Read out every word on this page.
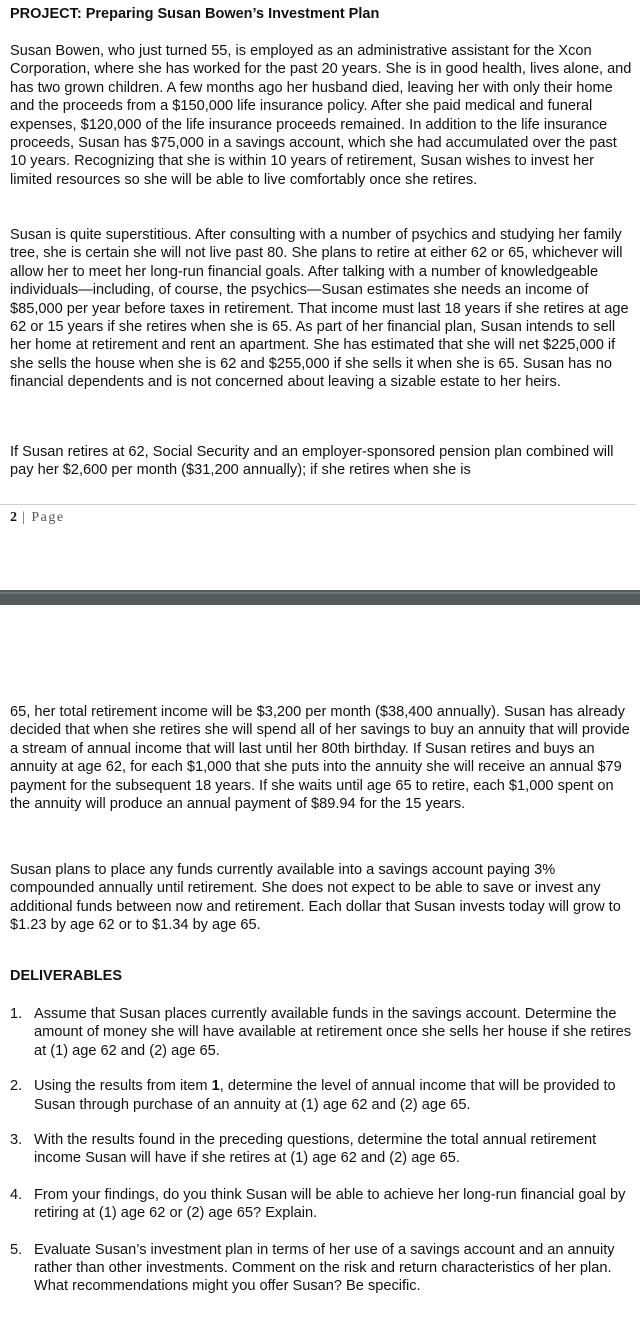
PROJECT: Preparing Susan Bowen’s Investment Plan

Susan Bowen, who just turned 55, is employed as an administrative assistant for the Xcon Corporation, where she has worked for the past 20 years. She is in good health, lives alone, and has two grown children. A few months ago her husband died, leaving her with only their home and the proceeds from a $150,000 life insurance policy. After she paid medical and funeral expenses, $120,000 of the life insurance proceeds remained. In addition to the life insurance proceeds, Susan has $75,000 in a savings account, which she had accumulated over the past 10 years. Recognizing that she is within 10 years of retirement, Susan wishes to invest her limited resources so she will be able to live comfortably once she retires.

Susan is quite superstitious. After consulting with a number of psychics and studying her family tree, she is certain she will not live past 80. She plans to retire at either 62 or 65, whichever will allow her to meet her long-run financial goals. After talking with a number of knowledgeable individuals—including, of course, the psychics—Susan estimates she needs an income of $85,000 per year before taxes in retirement. That income must last 18 years if she retires at age 62 or 15 years if she retires when she is 65. As part of her financial plan, Susan intends to sell her home at retirement and rent an apartment. She has estimated that she will net $225,000 if she sells the house when she is 62 and $255,000 if she sells it when she is 65. Susan has no financial dependents and is not concerned about leaving a sizable estate to her heirs.

If Susan retires at 62, Social Security and an employer-sponsored pension plan combined will pay her $2,600 per month ($31,200 annually); if she retires when she is

2 | Page

65, her total retirement income will be $3,200 per month ($38,400 annually). Susan has already decided that when she retires she will spend all of her savings to buy an annuity that will provide a stream of annual income that will last until her 80th birthday. If Susan retires and buys an annuity at age 62, for each $1,000 that she puts into the annuity she will receive an annual $79 payment for the subsequent 18 years. If she waits until age 65 to retire, each $1,000 spent on the annuity will produce an annual payment of $89.94 for the 15 years.

Susan plans to place any funds currently available into a savings account paying 3% compounded annually until retirement. She does not expect to be able to save or invest any additional funds between now and retirement. Each dollar that Susan invests today will grow to $1.23 by age 62 or to $1.34 by age 65.

DELIVERABLES
1. Assume that Susan places currently available funds in the savings account. Determine the amount of money she will have available at retirement once she sells her house if she retires at (1) age 62 and (2) age 65.
2. Using the results from item 1, determine the level of annual income that will be provided to Susan through purchase of an annuity at (1) age 62 and (2) age 65.
3. With the results found in the preceding questions, determine the total annual retirement income Susan will have if she retires at (1) age 62 and (2) age 65.
4. From your findings, do you think Susan will be able to achieve her long-run financial goal by retiring at (1) age 62 or (2) age 65? Explain.
5. Evaluate Susan’s investment plan in terms of her use of a savings account and an annuity rather than other investments. Comment on the risk and return characteristics of her plan. What recommendations might you offer Susan? Be specific.
